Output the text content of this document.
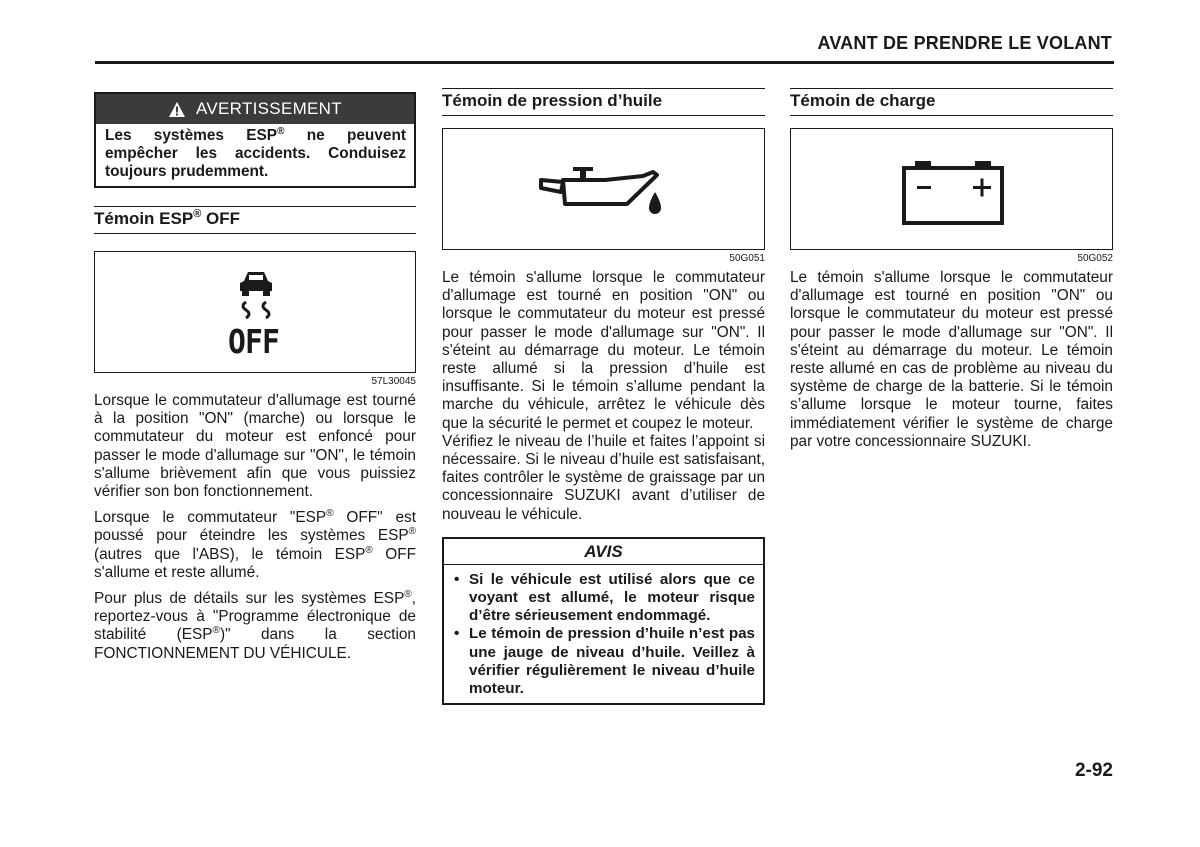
AVANT DE PRENDRE LE VOLANT
AVERTISSEMENT
Les systèmes ESP® ne peuvent empêcher les accidents. Conduisez toujours prudemment.
Témoin ESP® OFF
OFF
57L30045

Lorsque le commutateur d'allumage est tourné à la position "ON" (marche) ou lorsque le commutateur du moteur est enfoncé pour passer le mode d'allumage sur "ON", le témoin s'allume brièvement afin que vous puissiez vérifier son bon fonctionnement.

Lorsque le commutateur "ESP® OFF" est poussé pour éteindre les systèmes ESP® (autres que l'ABS), le témoin ESP® OFF s'allume et reste allumé.

Pour plus de détails sur les systèmes ESP®, reportez-vous à "Programme électronique de stabilité (ESP®)" dans la section FONCTIONNEMENT DU VÉHICULE.

Témoin de pression d’huile
50G051

Le témoin s'allume lorsque le commutateur d'allumage est tourné en position "ON" ou lorsque le commutateur du moteur est pressé pour passer le mode d'allumage sur "ON". Il s'éteint au démarrage du moteur. Le témoin reste allumé si la pression d’huile est insuffisante. Si le témoin s’allume pendant la marche du véhicule, arrêtez le véhicule dès que la sécurité le permet et coupez le moteur.

Vérifiez le niveau de l’huile et faites l’appoint si nécessaire. Si le niveau d’huile est satisfaisant, faites contrôler le système de graissage par un concessionnaire SUZUKI avant d’utiliser de nouveau le véhicule.

AVIS
• Si le véhicule est utilisé alors que ce voyant est allumé, le moteur risque d’être sérieusement endommagé.
• Le témoin de pression d’huile n’est pas une jauge de niveau d’huile. Veillez à vérifier régulièrement le niveau d’huile moteur.
Témoin de charge
50G052

Le témoin s'allume lorsque le commutateur d'allumage est tourné en position "ON" ou lorsque le commutateur du moteur est pressé pour passer le mode d'allumage sur "ON". Il s'éteint au démarrage du moteur. Le témoin reste allumé en cas de problème au niveau du système de charge de la batterie. Si le témoin s’allume lorsque le moteur tourne, faites immédiatement vérifier le système de charge par votre concessionnaire SUZUKI.

2-92
